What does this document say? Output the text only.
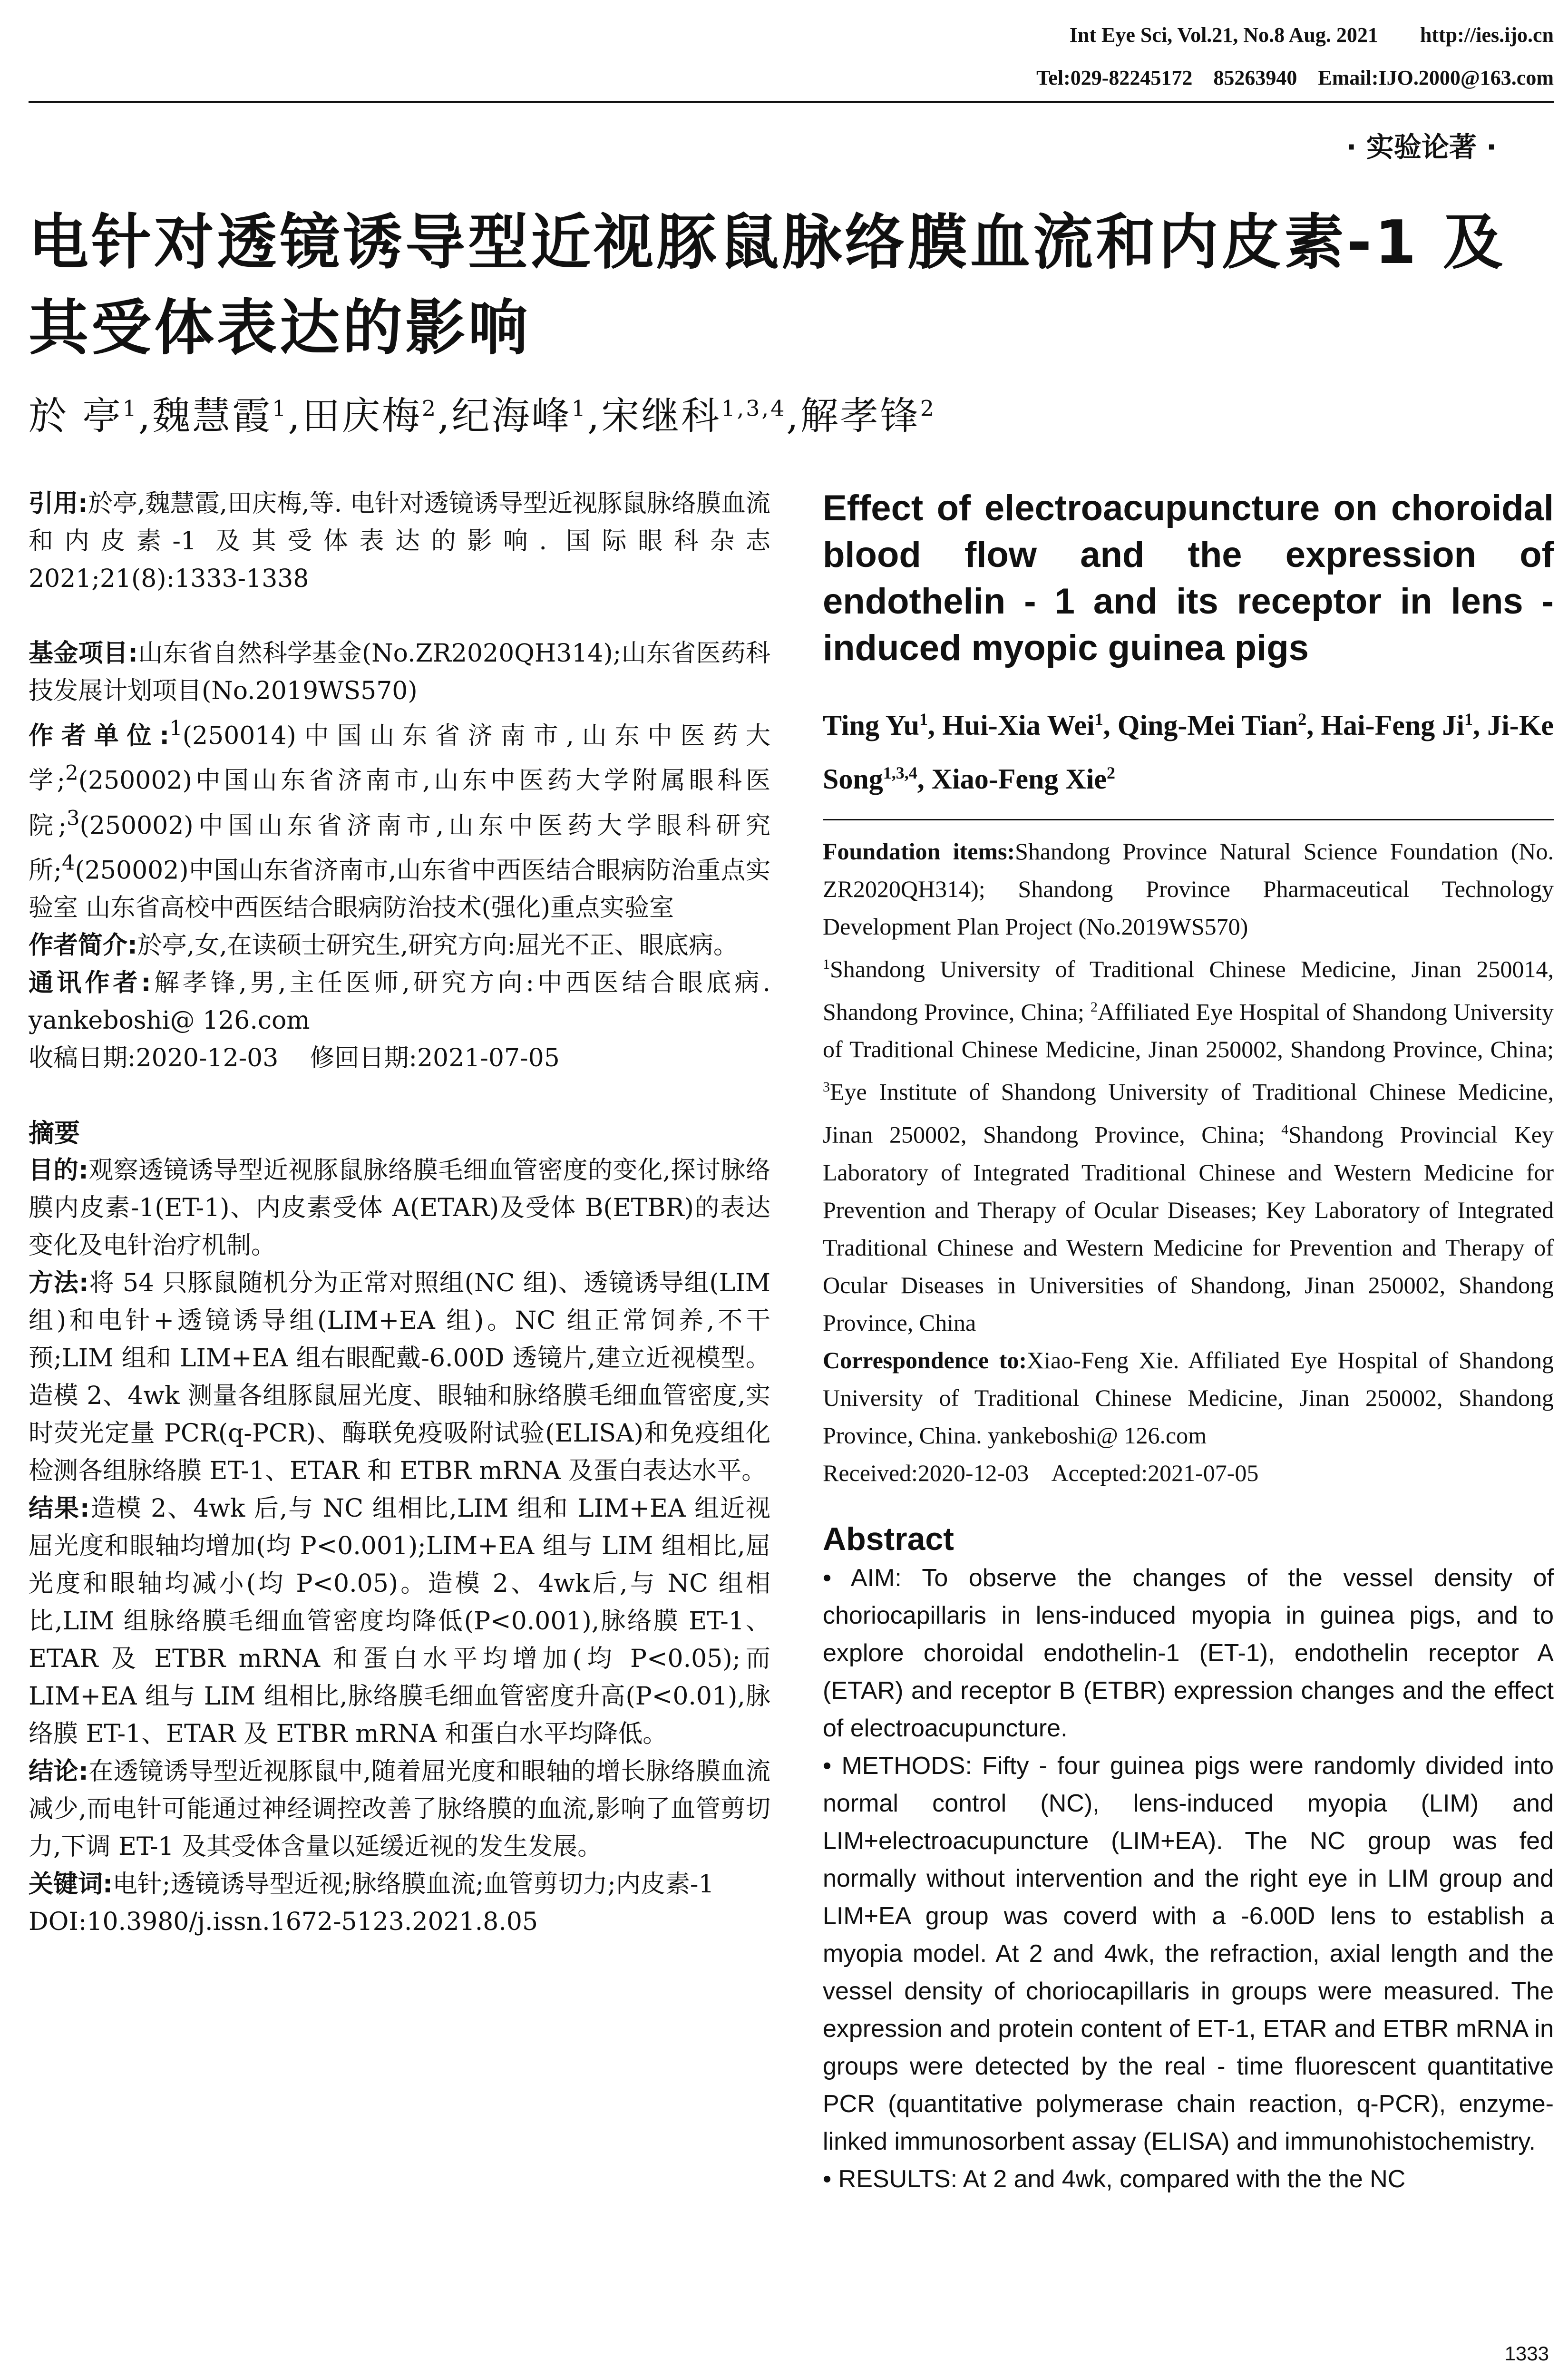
Int Eye Sci, Vol.21, No.8 Aug. 2021        http://ies.ijo.cn
Tel:029-82245172    85263940    Email:IJO.2000@163.com
· 实验论著 ·
电针对透镜诱导型近视豚鼠脉络膜血流和内皮素-1 及其受体表达的影响
於 亭$^1$,魏慧霞$^1$,田庆梅$^2$,纪海峰$^1$,宋继科$^{1,3,4}$,解孝锋$^2$

引用:於亭,魏慧霞,田庆梅,等. 电针对透镜诱导型近视豚鼠脉络膜血流和内皮素-1 及其受体表达的影响. 国际眼科杂志 2021;21(8):1333-1338

基金项目:山东省自然科学基金(No.ZR2020QH314);山东省医药科技发展计划项目(No.2019WS570)

作者单位:$^1$(250014)中国山东省济南市,山东中医药大学;$^2$(250002)中国山东省济南市,山东中医药大学附属眼科医院;$^3$(250002)中国山东省济南市,山东中医药大学眼科研究所;$^4$(250002)中国山东省济南市,山东省中西医结合眼病防治重点实验室 山东省高校中西医结合眼病防治技术(强化)重点实验室

作者简介:於亭,女,在读硕士研究生,研究方向:屈光不正、眼底病。

通讯作者:解孝锋,男,主任医师,研究方向:中西医结合眼底病. yankeboshi@ 126.com

收稿日期:2020-12-03    修回日期:2021-07-05

摘要

目的:观察透镜诱导型近视豚鼠脉络膜毛细血管密度的变化,探讨脉络膜内皮素-1(ET-1)、内皮素受体 A(ETAR)及受体 B(ETBR)的表达变化及电针治疗机制。

方法:将 54 只豚鼠随机分为正常对照组(NC 组)、透镜诱导组(LIM 组)和电针+透镜诱导组(LIM+EA 组)。NC 组正常饲养,不干预;LIM 组和 LIM+EA 组右眼配戴-6.00D 透镜片,建立近视模型。造模 2、4wk 测量各组豚鼠屈光度、眼轴和脉络膜毛细血管密度,实时荧光定量 PCR(q-PCR)、酶联免疫吸附试验(ELISA)和免疫组化检测各组脉络膜 ET-1、ETAR 和 ETBR mRNA 及蛋白表达水平。

结果:造模 2、4wk 后,与 NC 组相比,LIM 组和 LIM+EA 组近视屈光度和眼轴均增加(均 P<0.001);LIM+EA 组与 LIM 组相比,屈光度和眼轴均减小(均 P<0.05)。造模 2、4wk后,与 NC 组相比,LIM 组脉络膜毛细血管密度均降低(P<0.001),脉络膜 ET-1、ETAR 及 ETBR mRNA 和蛋白水平均增加(均 P<0.05);而 LIM+EA 组与 LIM 组相比,脉络膜毛细血管密度升高(P<0.01),脉络膜 ET-1、ETAR 及 ETBR mRNA 和蛋白水平均降低。

结论:在透镜诱导型近视豚鼠中,随着屈光度和眼轴的增长脉络膜血流减少,而电针可能通过神经调控改善了脉络膜的血流,影响了血管剪切力,下调 ET-1 及其受体含量以延缓近视的发生发展。

关键词:电针;透镜诱导型近视;脉络膜血流;血管剪切力;内皮素-1

DOI:10.3980/j.issn.1672-5123.2021.8.05

Effect of electroacupuncture on choroidal blood flow and the expression of endothelin - 1 and its receptor in lens - induced myopic guinea pigs
Ting Yu$^1$, Hui-Xia Wei$^1$, Qing-Mei Tian$^2$, Hai-Feng Ji$^1$, Ji-Ke Song$^{1,3,4}$, Xiao-Feng Xie$^2$

Foundation items:Shandong Province Natural Science Foundation (No. ZR2020QH314); Shandong Province Pharmaceutical Technology Development Plan Project (No.2019WS570)

$^1$Shandong University of Traditional Chinese Medicine, Jinan 250014, Shandong Province, China; $^2$Affiliated Eye Hospital of Shandong University of Traditional Chinese Medicine, Jinan 250002, Shandong Province, China; $^3$Eye Institute of Shandong University of Traditional Chinese Medicine, Jinan 250002, Shandong Province, China; $^4$Shandong Provincial Key Laboratory of Integrated Traditional Chinese and Western Medicine for Prevention and Therapy of Ocular Diseases; Key Laboratory of Integrated Traditional Chinese and Western Medicine for Prevention and Therapy of Ocular Diseases in Universities of Shandong, Jinan 250002, Shandong Province, China

Correspondence to:Xiao-Feng Xie. Affiliated Eye Hospital of Shandong University of Traditional Chinese Medicine, Jinan 250002, Shandong Province, China. yankeboshi@ 126.com

Received:2020-12-03    Accepted:2021-07-05

Abstract

• AIM: To observe the changes of the vessel density of choriocapillaris in lens-induced myopia in guinea pigs, and to explore choroidal endothelin-1 (ET-1), endothelin receptor A (ETAR) and receptor B (ETBR) expression changes and the effect of electroacupuncture.

• METHODS: Fifty - four guinea pigs were randomly divided into normal control (NC), lens-induced myopia (LIM) and LIM+electroacupuncture (LIM+EA). The NC group was fed normally without intervention and the right eye in LIM group and LIM+EA group was coverd with a -6.00D lens to establish a myopia model. At 2 and 4wk, the refraction, axial length and the vessel density of choriocapillaris in groups were measured. The expression and protein content of ET-1, ETAR and ETBR mRNA in groups were detected by the real - time fluorescent quantitative PCR (quantitative polymerase chain reaction, q-PCR), enzyme-linked immunosorbent assay (ELISA) and immunohistochemistry.

• RESULTS: At 2 and 4wk, compared with the the NC

1333
